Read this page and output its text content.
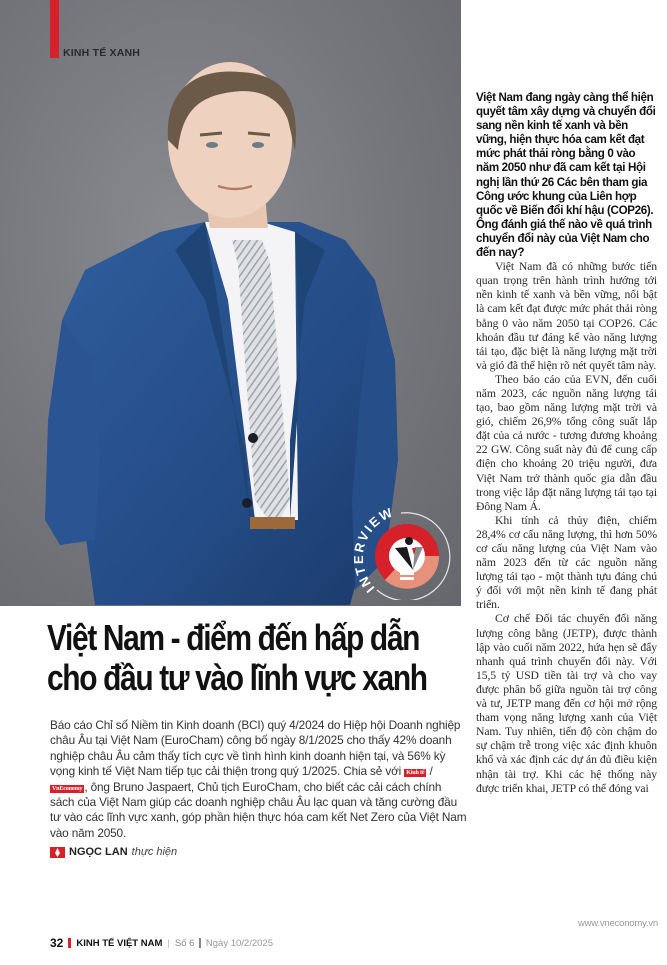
KINH TẾ XANH
INTERVIEW
Việt Nam - điểm đến hấp dẫn
cho đầu tư vào lĩnh vực xanh
Báo cáo Chỉ số Niềm tin Kinh doanh (BCI) quý 4/2024 do Hiệp hội Doanh nghiệp châu Âu tại Việt Nam (EuroCham) công bố ngày 8/1/2025 cho thấy 42% doanh nghiệp châu Âu cảm thấy tích cực về tình hình kinh doanh hiện tại, và 56% kỳ vọng kinh tế Việt Nam tiếp tục cải thiện trong quý 1/2025. Chia sẻ với Kinh tế / VnEconomy , ông Bruno Jaspaert, Chủ tịch EuroCham, cho biết các cải cách chính sách của Việt Nam giúp các doanh nghiệp châu Âu lạc quan và tăng cường đầu tư vào các lĩnh vực xanh, góp phần hiện thực hóa cam kết Net Zero của Việt Nam vào năm 2050.
NGỌC LAN thực hiện
32 KINH TẾ VIỆT NAM | Số 6 Ngày 10/2/2025
www.vneconomy.vn

Việt Nam đang ngày càng thể hiện quyết tâm xây dựng và chuyển đổi sang nền kinh tế xanh và bền vững, hiện thực hóa cam kết đạt mức phát thải ròng bằng 0 vào năm 2050 như đã cam kết tại Hội nghị lần thứ 26 Các bên tham gia Công ước khung của Liên hợp quốc về Biến đổi khí hậu (COP26). Ông đánh giá thế nào về quá trình chuyển đổi này của Việt Nam cho đến nay?

Việt Nam đã có những bước tiến quan trọng trên hành trình hướng tới nền kinh tế xanh và bền vững, nổi bật là cam kết đạt được mức phát thải ròng bằng 0 vào năm 2050 tại COP26. Các khoản đầu tư đáng kể vào năng lượng tái tạo, đặc biệt là năng lượng mặt trời và gió đã thể hiện rõ nét quyết tâm này.

Theo báo cáo của EVN, đến cuối năm 2023, các nguồn năng lượng tái tạo, bao gồm năng lượng mặt trời và gió, chiếm 26,9% tổng công suất lắp đặt của cả nước - tương đương khoảng 22 GW. Công suất này đủ để cung cấp điện cho khoảng 20 triệu người, đưa Việt Nam trở thành quốc gia dẫn đầu trong việc lắp đặt năng lượng tái tạo tại Đông Nam Á.

Khi tính cả thủy điện, chiếm 28,4% cơ cấu năng lượng, thì hơn 50% cơ cấu năng lượng của Việt Nam vào năm 2023 đến từ các nguồn năng lượng tái tạo - một thành tựu đáng chú ý đối với một nền kinh tế đang phát triển.

Cơ chế Đối tác chuyển đổi năng lượng công bằng (JETP), được thành lập vào cuối năm 2022, hứa hẹn sẽ đẩy nhanh quá trình chuyển đổi này. Với 15,5 tỷ USD tiền tài trợ và cho vay được phân bổ giữa nguồn tài trợ công và tư, JETP mang đến cơ hội mở rộng tham vọng năng lượng xanh của Việt Nam. Tuy nhiên, tiến độ còn chậm do sự chậm trễ trong việc xác định khuôn khổ và xác định các dự án đủ điều kiện nhận tài trợ. Khi các hệ thống này được triển khai, JETP có thể đóng vai
